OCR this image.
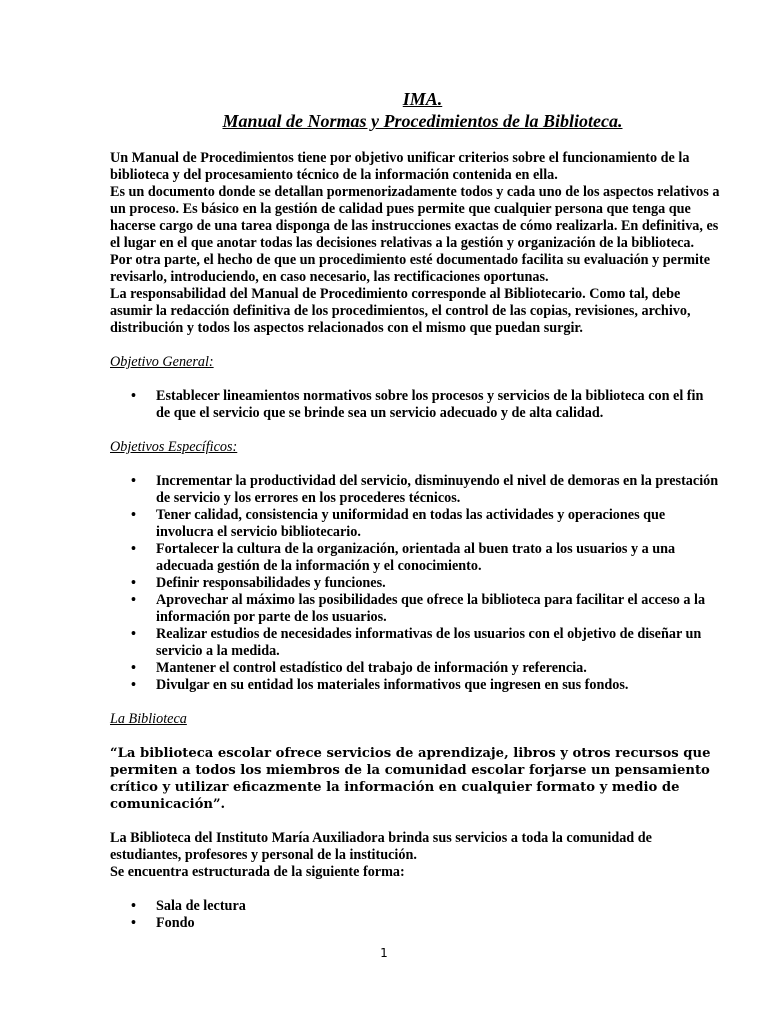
IMA.
Manual de Normas y Procedimientos de la Biblioteca.

Un Manual de Procedimientos tiene por objetivo unificar criterios sobre el funcionamiento de la biblioteca y del procesamiento técnico de la información contenida en ella.

Es un documento donde se detallan pormenorizadamente todos y cada uno de los aspectos relativos a un proceso. Es básico en la gestión de calidad pues permite que cualquier persona que tenga que hacerse cargo de una tarea disponga de las instrucciones exactas de cómo realizarla. En definitiva, es el lugar en el que anotar todas las decisiones relativas a la gestión y organización de la biblioteca.

Por otra parte, el hecho de que un procedimiento esté documentado facilita su evaluación y permite revisarlo, introduciendo, en caso necesario, las rectificaciones oportunas.

La responsabilidad del Manual de Procedimiento corresponde al Bibliotecario. Como tal, debe asumir la redacción definitiva de los procedimientos, el control de las copias, revisiones, archivo, distribución y todos los aspectos relacionados con el mismo que puedan surgir.

Objetivo General:

• Establecer lineamientos normativos sobre los procesos y servicios de la biblioteca con el fin de que el servicio que se brinde sea un servicio adecuado y de alta calidad.

Objetivos Específicos:

• Incrementar la productividad del servicio, disminuyendo el nivel de demoras en la prestación de servicio y los errores en los procederes técnicos.
• Tener calidad, consistencia y uniformidad en todas las actividades y operaciones que involucra el servicio bibliotecario.
• Fortalecer la cultura de la organización, orientada al buen trato a los usuarios y a una adecuada gestión de la información y el conocimiento.
• Definir responsabilidades y funciones.
• Aprovechar al máximo las posibilidades que ofrece la biblioteca para facilitar el acceso a la información por parte de los usuarios.
• Realizar estudios de necesidades informativas de los usuarios con el objetivo de diseñar un servicio a la medida.
• Mantener el control estadístico del trabajo de información y referencia.
• Divulgar en su entidad los materiales informativos que ingresen en sus fondos.

La Biblioteca

“La biblioteca escolar ofrece servicios de aprendizaje, libros y otros recursos que permiten a todos los miembros de la comunidad escolar forjarse un pensamiento crítico y utilizar eficazmente la información en cualquier formato y medio de comunicación”.

La Biblioteca del Instituto María Auxiliadora brinda sus servicios a toda la comunidad de estudiantes, profesores y personal de la institución.

Se encuentra estructurada de la siguiente forma:

• Sala de lectura
• Fondo
1
